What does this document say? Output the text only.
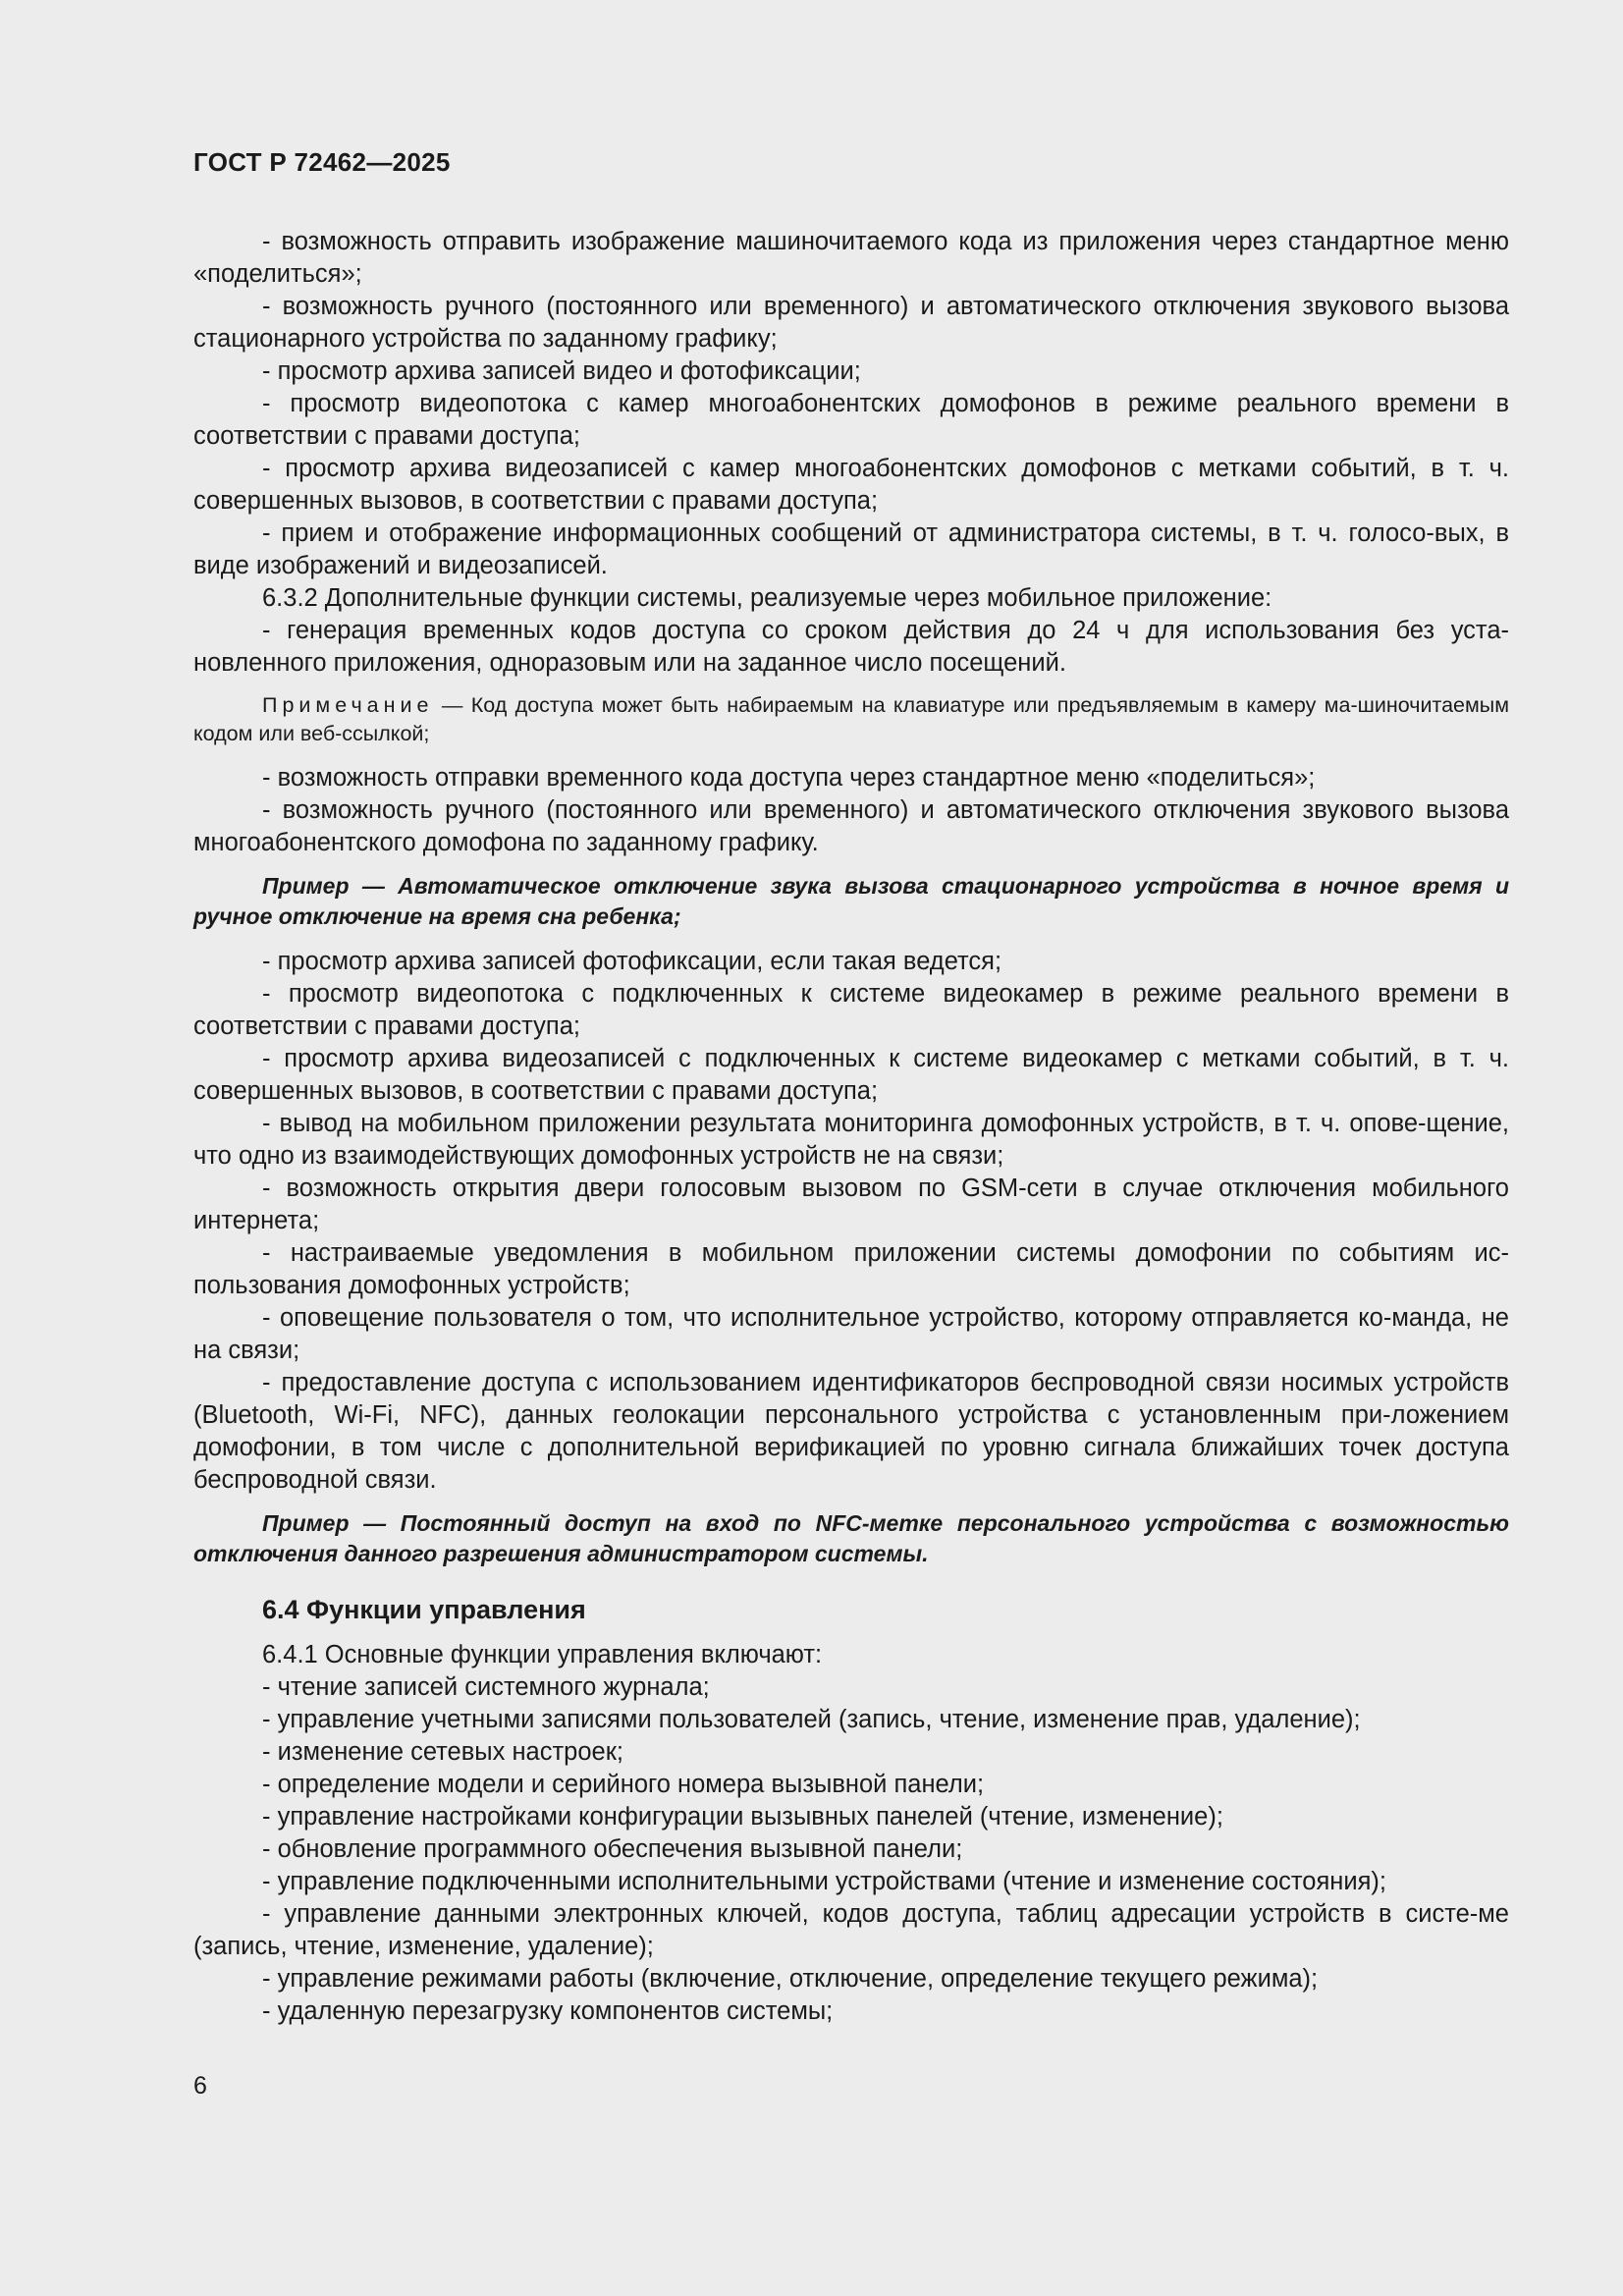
ГОСТ Р 72462—2025

- возможность отправить изображение машиночитаемого кода из приложения через стандартное меню «поделиться»;

- возможность ручного (постоянного или временного) и автоматического отключения звукового вызова стационарного устройства по заданному графику;

- просмотр архива записей видео и фотофиксации;

- просмотр видеопотока с камер многоабонентских домофонов в режиме реального времени в соответствии с правами доступа;

- просмотр архива видеозаписей с камер многоабонентских домофонов с метками событий, в т. ч. совершенных вызовов, в соответствии с правами доступа;

- прием и отображение информационных сообщений от администратора системы, в т. ч. голосо-вых, в виде изображений и видеозаписей.

6.3.2 Дополнительные функции системы, реализуемые через мобильное приложение:

- генерация временных кодов доступа со сроком действия до 24 ч для использования без уста-новленного приложения, одноразовым или на заданное число посещений.

Примечание — Код доступа может быть набираемым на клавиатуре или предъявляемым в камеру ма-шиночитаемым кодом или веб-ссылкой;

- возможность отправки временного кода доступа через стандартное меню «поделиться»;

- возможность ручного (постоянного или временного) и автоматического отключения звукового вызова многоабонентского домофона по заданному графику.

Пример — Автоматическое отключение звука вызова стационарного устройства в ночное время и ручное отключение на время сна ребенка;

- просмотр архива записей фотофиксации, если такая ведется;

- просмотр видеопотока с подключенных к системе видеокамер в режиме реального времени в соответствии с правами доступа;

- просмотр архива видеозаписей с подключенных к системе видеокамер с метками событий, в т. ч. совершенных вызовов, в соответствии с правами доступа;

- вывод на мобильном приложении результата мониторинга домофонных устройств, в т. ч. опове-щение, что одно из взаимодействующих домофонных устройств не на связи;

- возможность открытия двери голосовым вызовом по GSM-сети в случае отключения мобильного интернета;

- настраиваемые уведомления в мобильном приложении системы домофонии по событиям ис-пользования домофонных устройств;

- оповещение пользователя о том, что исполнительное устройство, которому отправляется ко-манда, не на связи;

- предоставление доступа с использованием идентификаторов беспроводной связи носимых устройств (Bluetooth, Wi-Fi, NFC), данных геолокации персонального устройства с установленным при-ложением домофонии, в том числе с дополнительной верификацией по уровню сигнала ближайших точек доступа беспроводной связи.

Пример — Постоянный доступ на вход по NFC-метке персонального устройства с возможностью отключения данного разрешения администратором системы.

6.4 Функции управления

6.4.1 Основные функции управления включают:

- чтение записей системного журнала;

- управление учетными записями пользователей (запись, чтение, изменение прав, удаление);

- изменение сетевых настроек;

- определение модели и серийного номера вызывной панели;

- управление настройками конфигурации вызывных панелей (чтение, изменение);

- обновление программного обеспечения вызывной панели;

- управление подключенными исполнительными устройствами (чтение и изменение состояния);

- управление данными электронных ключей, кодов доступа, таблиц адресации устройств в систе-ме (запись, чтение, изменение, удаление);

- управление режимами работы (включение, отключение, определение текущего режима);

- удаленную перезагрузку компонентов системы;

6
